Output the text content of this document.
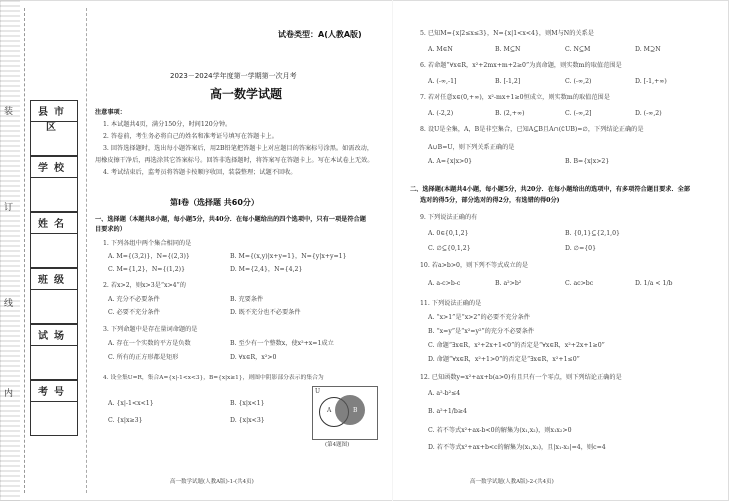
装
订
线
内
县市区
学校
姓名
班级
试场
考号
试卷类型：A(人教A版)
2023－2024学年度第一学期第一次月考
高一数学试题
注意事项：
1. 本试题共4页，满分150分，时间120分钟。
2. 答卷前，考生务必将自己的姓名和准考证号填写在答题卡上。
3. 回答选择题时，选出每小题答案后，用2B铅笔把答题卡上对应题目的答案标号涂黑。如需改动，
用橡皮擦干净后，再选涂其它答案标号。回答非选择题时，将答案写在答题卡上。写在本试卷上无效。
4. 考试结束后，监考员将答题卡按顺序收回，装袋整理；试题不回收。
第Ⅰ卷（选择题 共60分）
一、选择题（本题共8小题，每小题5分，共40分．在每小题给出的四个选项中，只有一项是符合题
目要求的）
1. 下列各组中两个集合相同的是
A. M={(3,2)}，N={(2,3)}	B. M={(x,y)|x+y=1}，N={y|x+y=1}
C. M={1,2}，N={(1,2)}	D. M={2,4}，N={4,2}
2. 若x>2，则x>3是“x>4”的
A. 充分不必要条件	B. 充要条件
C. 必要不充分条件	D. 既不充分也不必要条件
3. 下列命题中是存在量词命题的是
A. 存在一个实数的平方是负数	B. 至少有一个整数x，使x²+x=1成立
C. 所有的正方形都是矩形	D. ∀x∈R，x²>0
4. 设全集U=R，集合A={x|-1<x<3}，B={x|x≥1}，则图中阴影部分表示的集合为
A. {x|-1<x<1}	B. {x|x<1}
C. {x|x≥3}	D. {x|x<3}
U
A	B
(第4题图)
高一数学试题(人教A版)-1-(共4页)
5. 已知M={x|2≤x≤3}，N={x|1<x<4}，则M与N的关系是
A. M∈N	B. M⊆N	C. N⊆M	D. M⊇N
6. 若命题“∀x∈R，x²+2mx+m+2≥0”为真命题，则实数m的取值范围是
A. (-∞,-1]	B. [-1,2]	C. (-∞,2)	D. [-1,+∞)
7. 若对任意x∈(0,+∞)，x²-mx+1≥0恒成立，则实数m的取值范围是
A. (-2,2)	B. (2,+∞)	C. (-∞,2]	D. (-∞,2)
8. 设U是全集，A，B是非空集合，已知A⊆B且A∩(∁UB)=∅，下列结论正确的是
A∪B=U，则下列关系正确的是
A. A={x|x>0}	B. B={x|x>2}
二、选择题(本题共4小题，每小题5分，共20分．在每小题给出的选项中，有多项符合题目要求．全部
选对的得5分，部分选对的得2分，有选错的得0分)
9. 下列说法正确的有
A. 0∈{0,1,2}	B. {0,1}⊆{2,1,0}
C. ∅⊆{0,1,2}	D. ∅={0}
10. 若a>b>0，则下列不等式成立的是
A. a-c>b-c	B. a²>b²	C. ac>bc	D. 1/a < 1/b
11. 下列说法正确的是
A. “x>1”是“x>2”的必要不充分条件
B. “x=y”是“x²=y²”的充分不必要条件
C. 命题“∃x∈R，x²+2x+1<0”的否定是“∀x∈R，x²+2x+1≥0”
D. 命题“∀x∈R，x²+1>0”的否定是“∃x∈R，x²+1≤0”
12. 已知函数y=x²+ax+b(a>0)有且只有一个零点，则下列结论正确的是
A. a²-b²≤4
B. a²+1/b≥4
C. 若不等式x²+ax-b<0的解集为(x₁,x₂)，则x₁x₂>0
D. 若不等式x²+ax+b<c的解集为(x₁,x₂)，且|x₁-x₂|=4，则c=4
高一数学试题(人教A版)-2-(共4页)
